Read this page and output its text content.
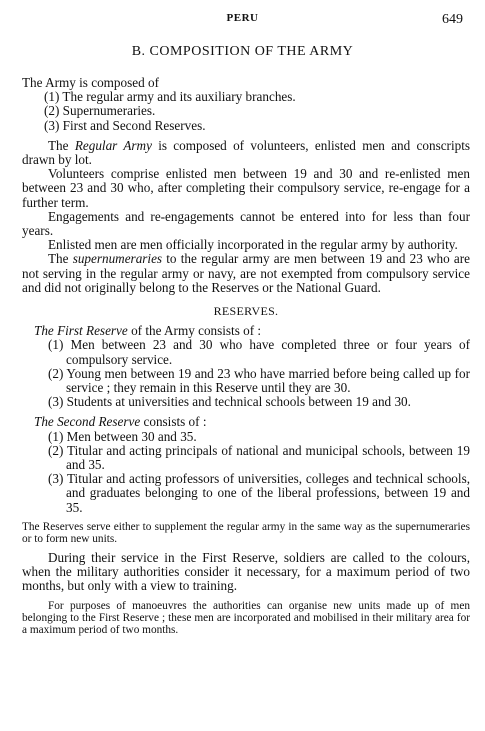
PERU	649
B. COMPOSITION OF THE ARMY

The Army is composed of

(1) The regular army and its auxiliary branches.

(2) Supernumeraries.

(3) First and Second Reserves.

The Regular Army is composed of volunteers, enlisted men and conscripts drawn by lot.

Volunteers comprise enlisted men between 19 and 30 and re-enlisted men between 23 and 30 who, after completing their compulsory service, re-engage for a further term.

Engagements and re-engagements cannot be entered into for less than four years.

Enlisted men are men officially incorporated in the regular army by authority.

The supernumeraries to the regular army are men between 19 and 23 who are not serving in the regular army or navy, are not exempted from compulsory service and did not originally belong to the Reserves or the National Guard.

RESERVES.

The First Reserve of the Army consists of :

(1) Men between 23 and 30 who have completed three or four years of compulsory service.

(2) Young men between 19 and 23 who have married before being called up for service ; they remain in this Reserve until they are 30.

(3) Students at universities and technical schools between 19 and 30.

The Second Reserve consists of :

(1) Men between 30 and 35.

(2) Titular and acting principals of national and municipal schools, between 19 and 35.

(3) Titular and acting professors of universities, colleges and technical schools, and graduates belonging to one of the liberal professions, between 19 and 35.

The Reserves serve either to supplement the regular army in the same way as the supernumeraries or to form new units.

During their service in the First Reserve, soldiers are called to the colours, when the military authorities consider it necessary, for a maximum period of two months, but only with a view to training.

For purposes of manoeuvres the authorities can organise new units made up of men belonging to the First Reserve ; these men are incorporated and mobilised in their military area for a maximum period of two months.
